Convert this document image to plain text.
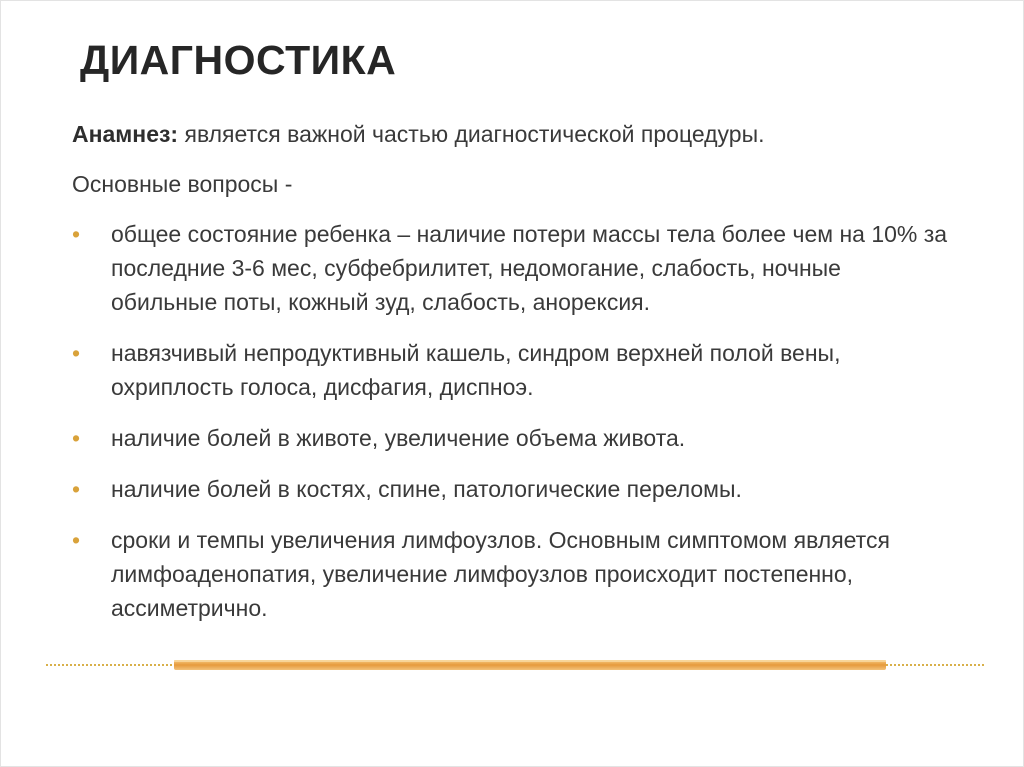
ДИАГНОСТИКА

Анамнез: является важной частью диагностической процедуры.

Основные вопросы -

• общее состояние ребенка – наличие потери массы тела более чем на 10% за последние 3-6 мес, субфебрилитет, недомогание, слабость, ночные обильные поты, кожный зуд, слабость, анорексия.
• навязчивый непродуктивный кашель, синдром верхней полой вены, охриплость голоса, дисфагия, диспноэ.
• наличие болей в животе, увеличение объема живота.
• наличие болей в костях, спине, патологические переломы.
• сроки и темпы увеличения лимфоузлов. Основным симптомом является лимфоаденопатия, увеличение лимфоузлов происходит постепенно, ассиметрично.
